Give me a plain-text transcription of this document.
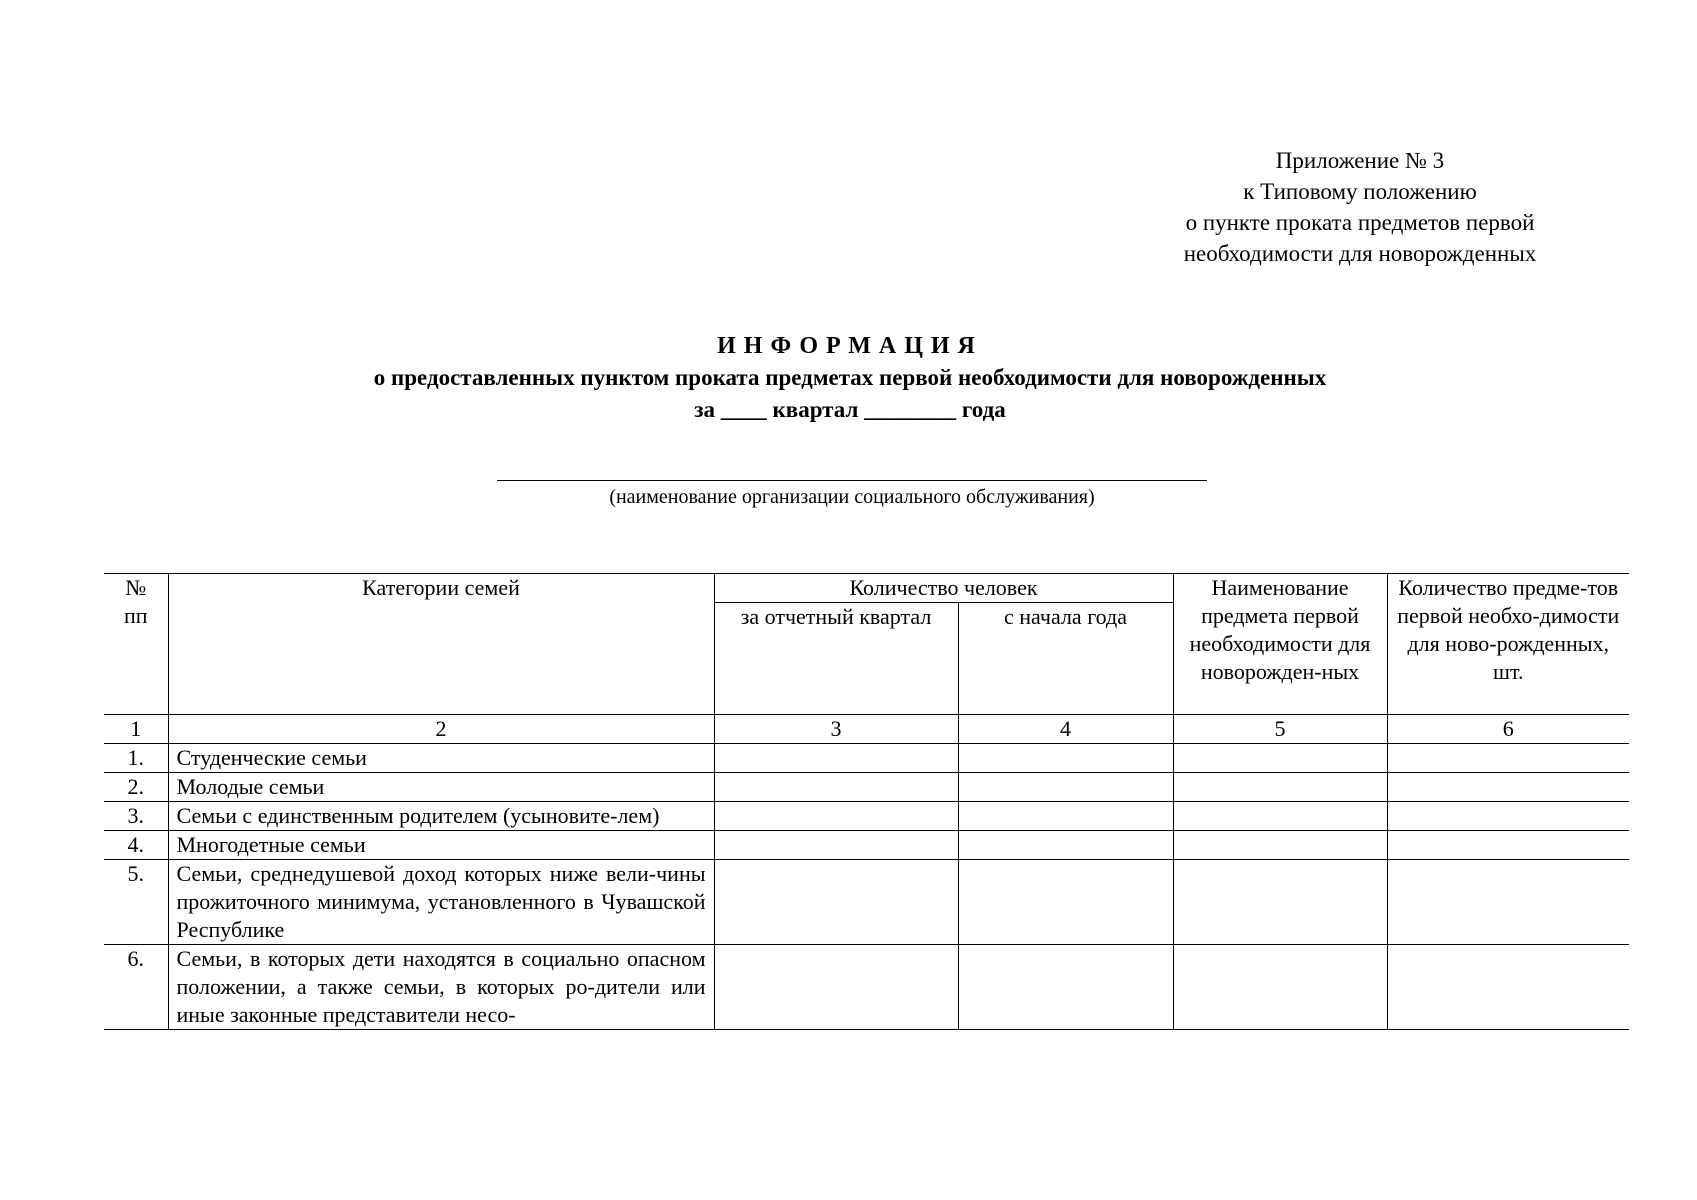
Приложение № 3
к Типовому положению
о пункте проката предметов первой
необходимости для новорожденных
ИНФОРМАЦИЯ
о предоставленных пунктом проката предметах первой необходимости для новорожденных
за ____ квартал ________ года
(наименование организации социального обслуживания)
№ пп	Категории семей	Количество человек		Наименование предмета первой необходимости для новорожден-ных	Количество предме-тов первой необхо-димости для ново-рожденных, шт.
		за отчетный квартал	с начала года		
1	2	3	4	5	6
1.	Студенческие семьи				
2.	Молодые семьи				
3.	Семьи с единственным родителем (усыновите-лем)				
4.	Многодетные семьи				
5.	Семьи, среднедушевой доход которых ниже вели-чины прожиточного минимума, установленного в Чувашской Республике				
6.	Семьи, в которых дети находятся в социально опасном положении, а также семьи, в которых ро-дители или иные законные представители несо-				
